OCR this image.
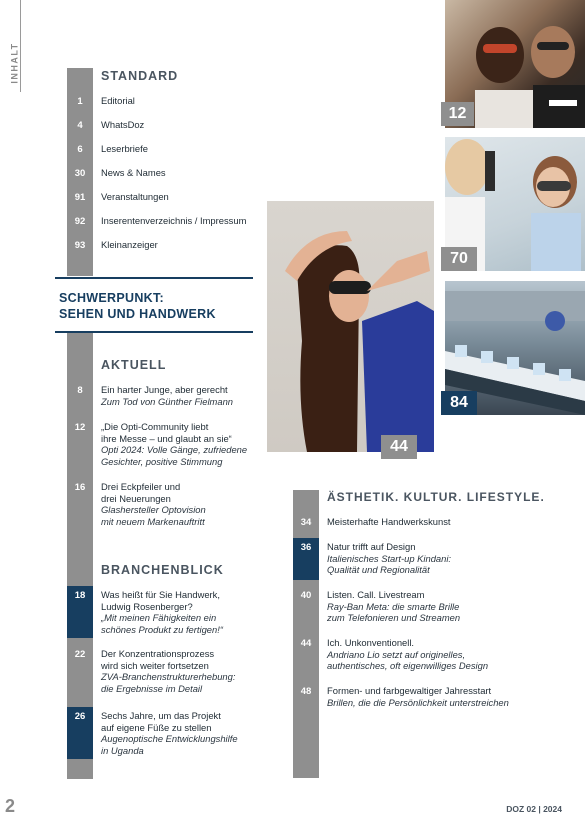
INHALT	STANDARD
SCHWERPUNKT:
SEHEN UND HANDWERK
AKTUELL
BRANCHENBLICK
ÄSTHETIK. KULTUR. LIFESTYLE.
1	Editorial
4	WhatsDoz
6	Leserbriefe
30	News & Names
91	Veranstaltungen
92	Inserentenverzeichnis / Impressum
93	Kleinanzeiger
8	Ein harter Junge, aber gerecht
Zum Tod von Günther Fielmann
12	„Die Opti-Community liebt
ihre Messe – und glaubt an sie“
Opti 2024: Volle Gänge, zufriedene
Gesichter, positive Stimmung
16	Drei Eckpfeiler und
drei Neuerungen
Glashersteller Optovision
mit neuem Markenauftritt
18	Was heißt für Sie Handwerk,
Ludwig Rosenberger?
„Mit meinen Fähigkeiten ein
schönes Produkt zu fertigen!“
22	Der Konzentrationsprozess
wird sich weiter fortsetzen
ZVA-Branchenstrukturerhebung:
die Ergebnisse im Detail
26	Sechs Jahre, um das Projekt
auf eigene Füße zu stellen
Augenoptische Entwicklungshilfe
in Uganda
34	Meisterhafte Handwerkskunst
36	Natur trifft auf Design
Italienisches Start-up Kindani:
Qualität und Regionalität
40	Listen. Call. Livestream
Ray-Ban Meta: die smarte Brille
zum Telefonieren und Streamen
44	Ich. Unkonventionell.
Andriano Lio setzt auf originelles,
authentisches, oft eigenwilliges Design
48	Formen- und farbgewaltiger Jahresstart
Brillen, die die Persönlichkeit unterstreichen
12
70
44
84
2	DOZ 02 | 2024
